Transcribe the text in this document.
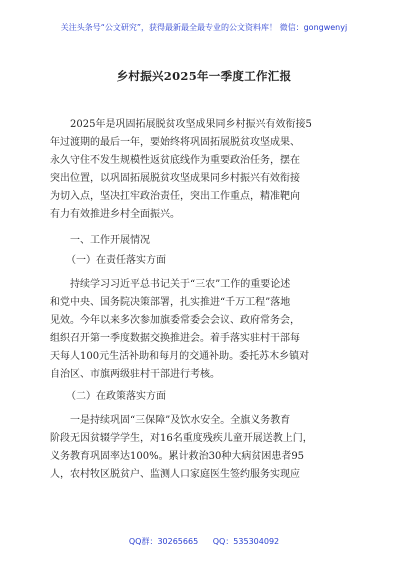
关注头条号“公文研究”，获得最新最全最专业的公文资料库！ 微信：gongwenyj
乡村振兴2025年一季度工作汇报
2025年是巩固拓展脱贫攻坚成果同乡村振兴有效衔接5
年过渡期的最后一年，要始终将巩固拓展脱贫攻坚成果、
永久守住不发生规模性返贫底线作为重要政治任务，摆在
突出位置，以巩固拓展脱贫攻坚成果同乡村振兴有效衔接
为切入点，坚决扛牢政治责任，突出工作重点，精准靶向
有力有效推进乡村全面振兴。
一、工作开展情况
（一）在责任落实方面
持续学习习近平总书记关于“三农”工作的重要论述
和党中央、国务院决策部署，扎实推进“千万工程”落地
见效。今年以来多次参加旗委常委会会议、政府常务会，
组织召开第一季度数据交换推进会。着手落实驻村干部每
天每人100元生活补助和每月的交通补助。委托苏木乡镇对
自治区、市旗两级驻村干部进行考核。
（二）在政策落实方面
一是持续巩固“三保障”及饮水安全。全旗义务教育
阶段无因贫辍学学生，对16名重度残疾儿童开展送教上门，
义务教育巩固率达100%。累计救治30种大病贫困患者95
人，农村牧区脱贫户、监测人口家庭医生签约服务实现应
QQ群：30265665 QQ：535304092
